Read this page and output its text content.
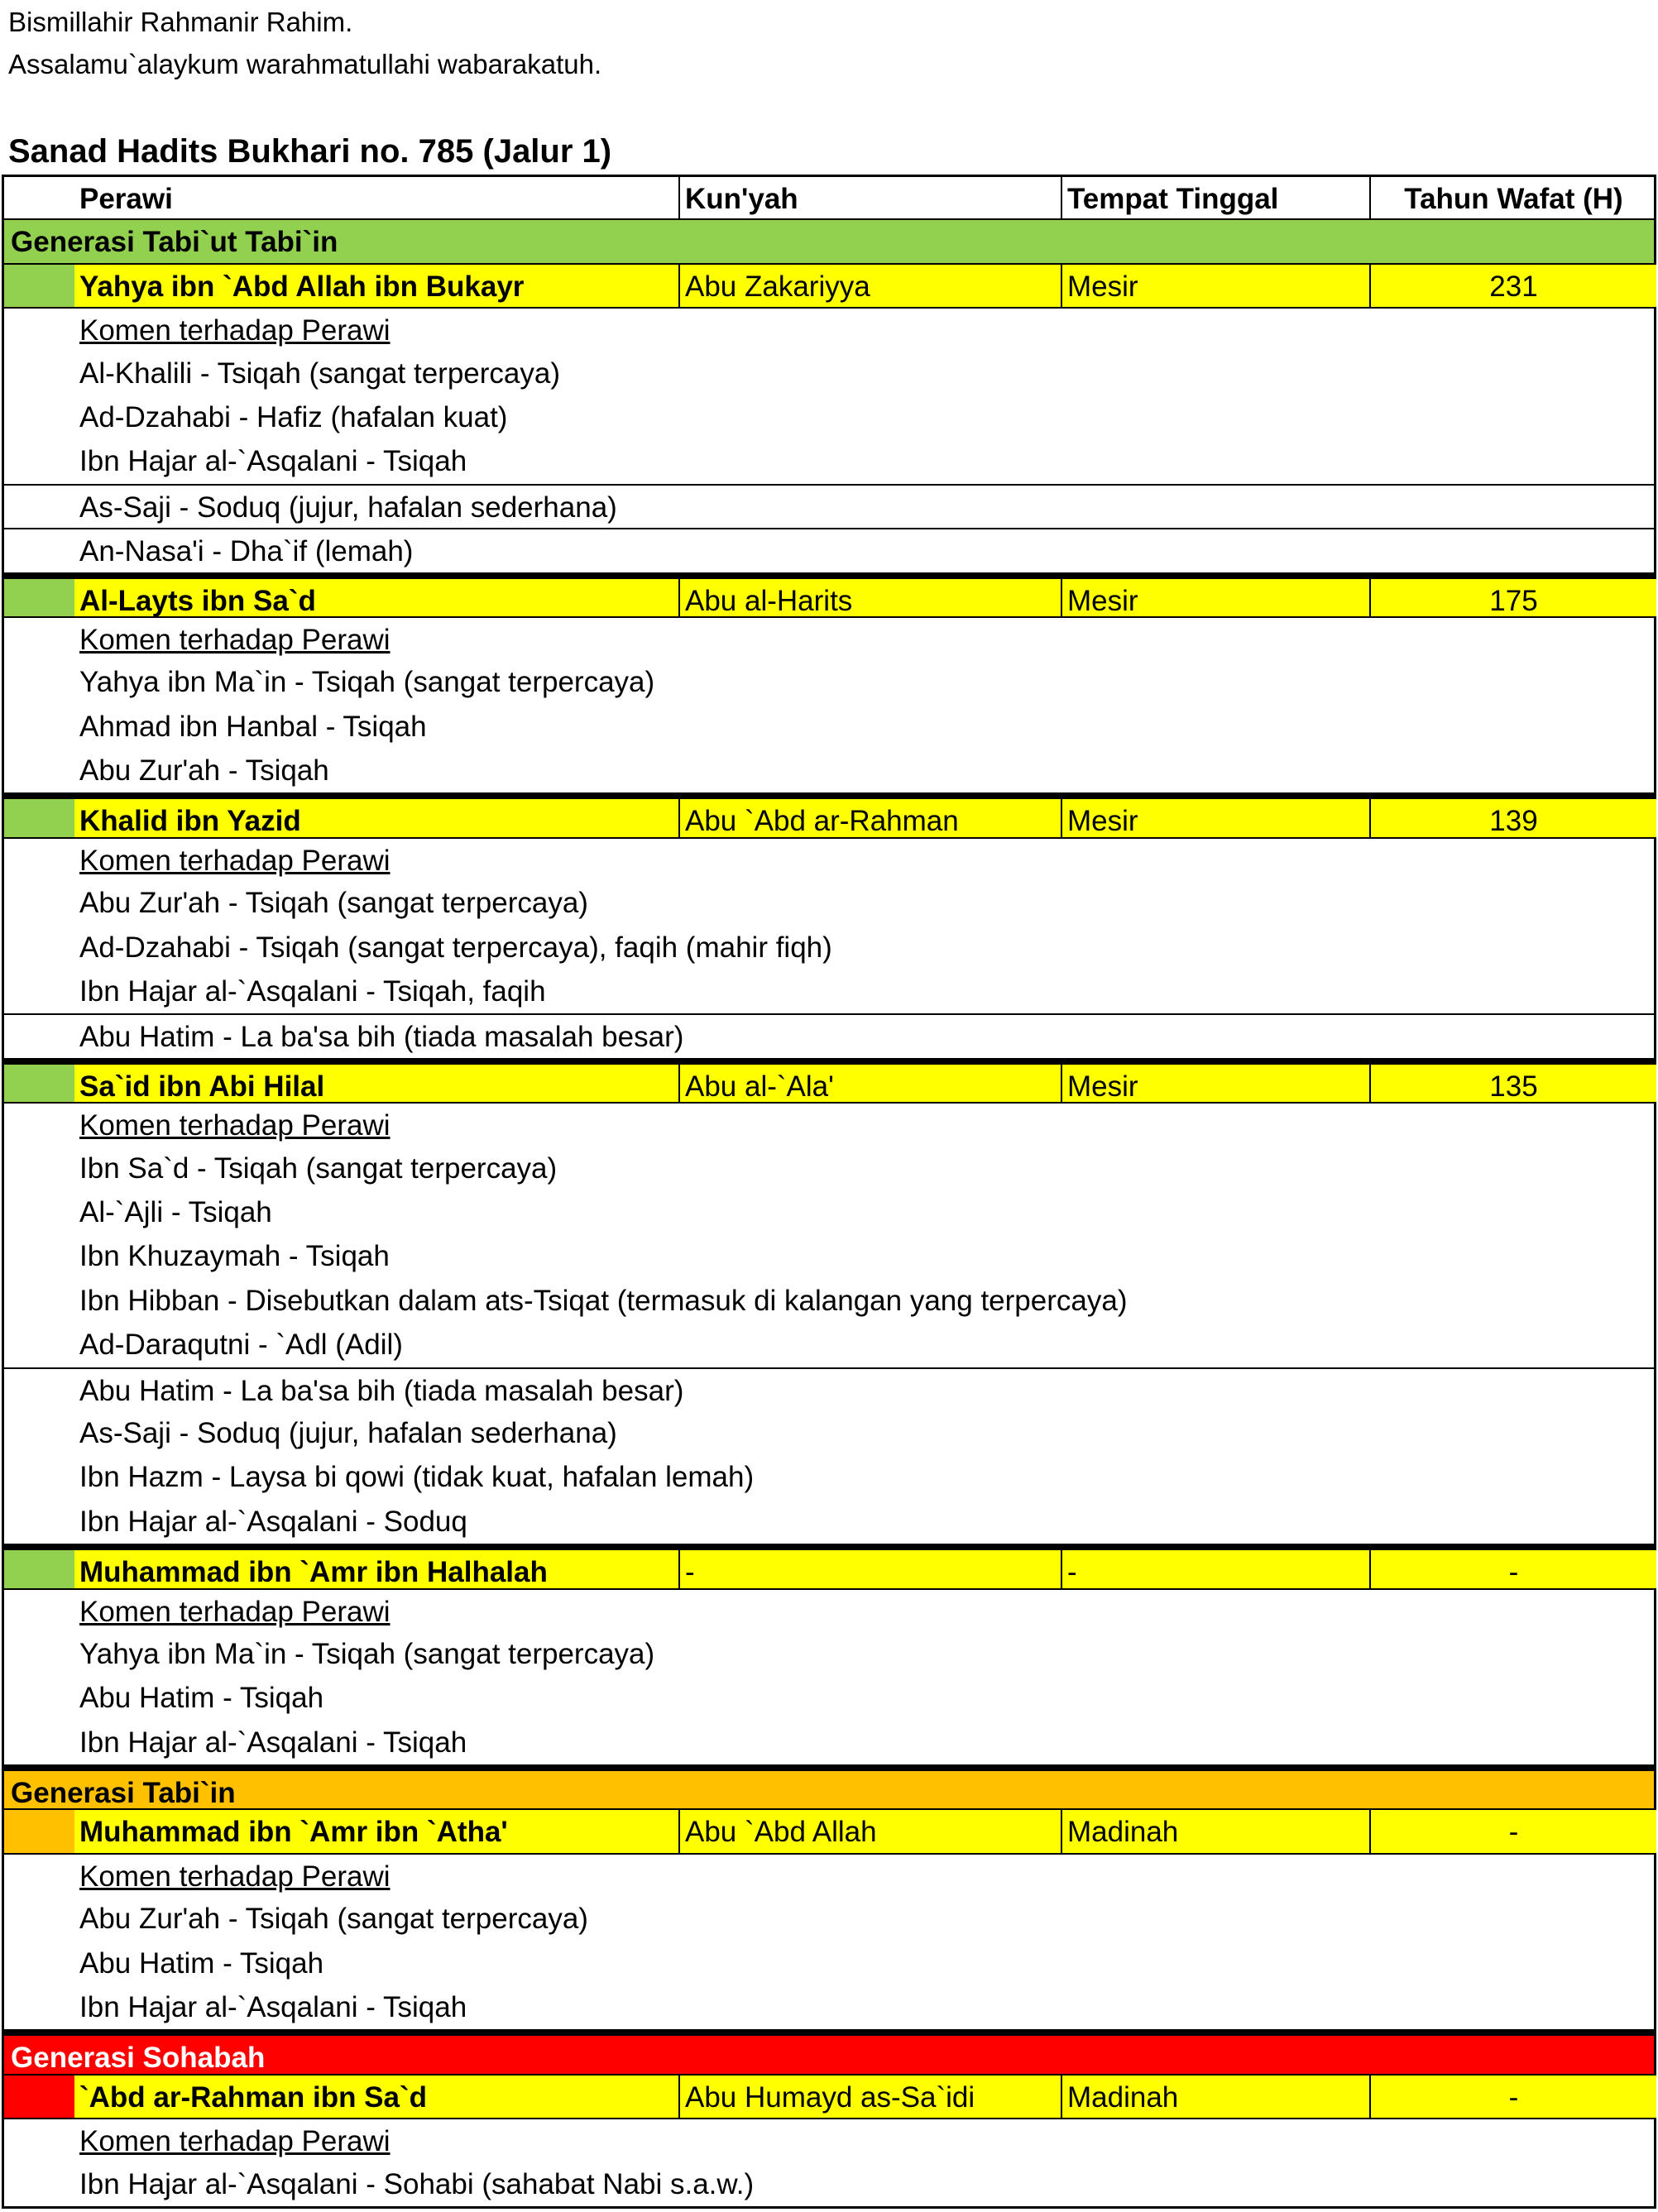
Bismillahir Rahmanir Rahim.
Assalamu`alaykum warahmatullahi wabarakatuh.
Sanad Hadits Bukhari no. 785 (Jalur 1)
Perawi	Kun'yah	Tempat Tinggal	Tahun Wafat (H)
Generasi Tabi`ut Tabi`in
Yahya ibn `Abd Allah ibn Bukayr	Abu Zakariyya	Mesir	231
Komen terhadap Perawi
Al-Khalili - Tsiqah (sangat terpercaya)
Ad-Dzahabi - Hafiz (hafalan kuat)
Ibn Hajar al-`Asqalani - Tsiqah
As-Saji - Soduq (jujur, hafalan sederhana)
An-Nasa'i - Dha`if (lemah)
Al-Layts ibn Sa`d	Abu al-Harits	Mesir	175
Komen terhadap Perawi
Yahya ibn Ma`in - Tsiqah (sangat terpercaya)
Ahmad ibn Hanbal - Tsiqah
Abu Zur'ah - Tsiqah
Khalid ibn Yazid	Abu `Abd ar-Rahman	Mesir	139
Komen terhadap Perawi
Abu Zur'ah - Tsiqah (sangat terpercaya)
Ad-Dzahabi - Tsiqah (sangat terpercaya), faqih (mahir fiqh)
Ibn Hajar al-`Asqalani - Tsiqah, faqih
Abu Hatim - La ba'sa bih (tiada masalah besar)
Sa`id ibn Abi Hilal	Abu al-`Ala'	Mesir	135
Komen terhadap Perawi
Ibn Sa`d - Tsiqah (sangat terpercaya)
Al-`Ajli - Tsiqah
Ibn Khuzaymah - Tsiqah
Ibn Hibban - Disebutkan dalam ats-Tsiqat (termasuk di kalangan yang terpercaya)
Ad-Daraqutni - `Adl (Adil)
Abu Hatim - La ba'sa bih (tiada masalah besar)
As-Saji - Soduq (jujur, hafalan sederhana)
Ibn Hazm - Laysa bi qowi (tidak kuat, hafalan lemah)
Ibn Hajar al-`Asqalani - Soduq
Muhammad ibn `Amr ibn Halhalah	-	-	-
Komen terhadap Perawi
Yahya ibn Ma`in - Tsiqah (sangat terpercaya)
Abu Hatim - Tsiqah
Ibn Hajar al-`Asqalani - Tsiqah
Generasi Tabi`in
Muhammad ibn `Amr ibn `Atha'	Abu `Abd Allah	Madinah	-
Komen terhadap Perawi
Abu Zur'ah - Tsiqah (sangat terpercaya)
Abu Hatim - Tsiqah
Ibn Hajar al-`Asqalani - Tsiqah
Generasi Sohabah
`Abd ar-Rahman ibn Sa`d	Abu Humayd as-Sa`idi	Madinah	-
Komen terhadap Perawi
Ibn Hajar al-`Asqalani - Sohabi (sahabat Nabi s.a.w.)
